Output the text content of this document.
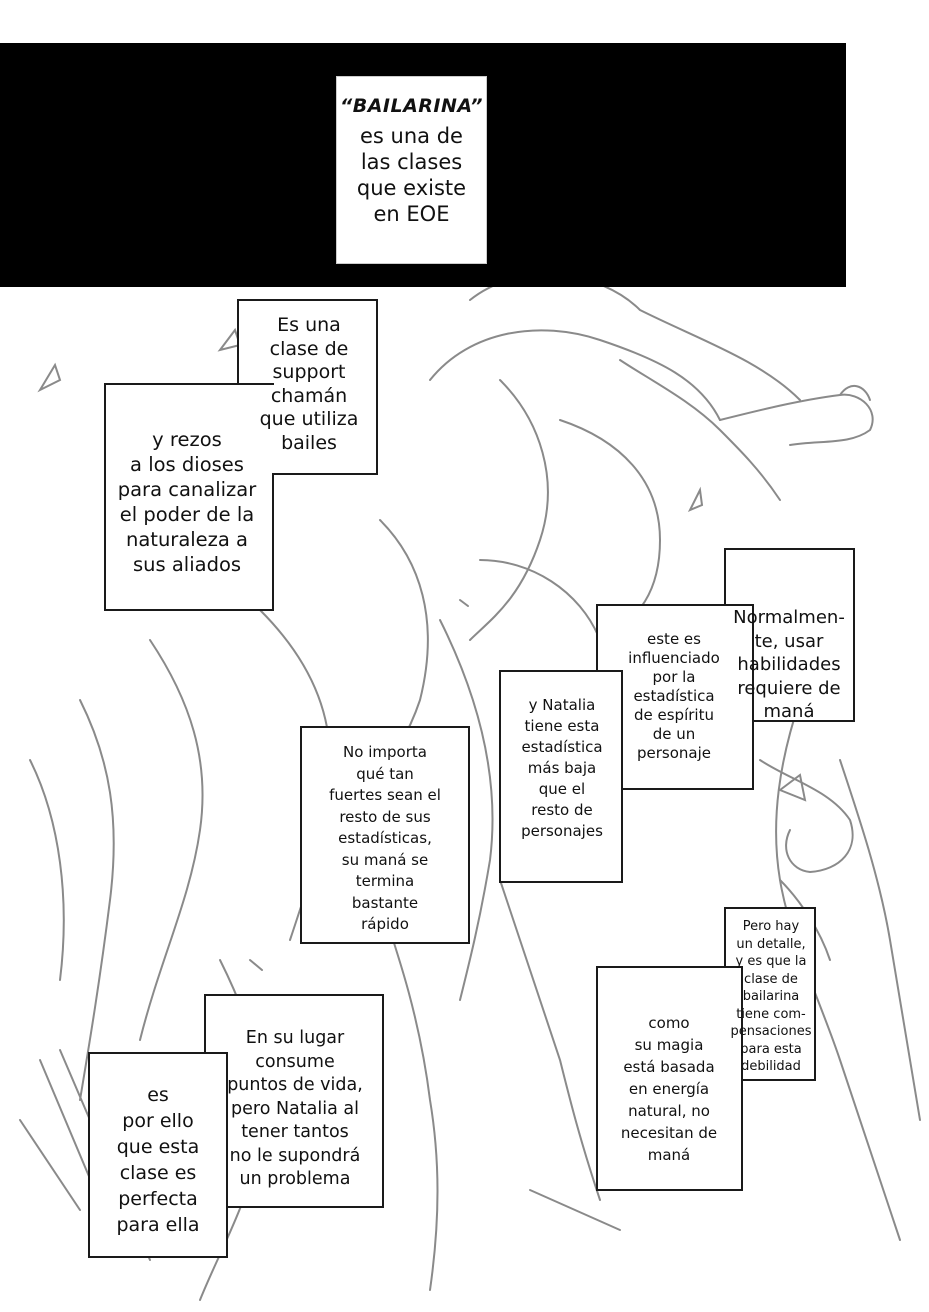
“BAILARINA”
es una de
las clases
que existe
en EOE
Es una
clase de
support
chamán
que utiliza
bailes
y rezos
a los dioses
para canalizar
el poder de la
naturaleza a
sus aliados
Normalmen-
te, usar
habilidades
requiere de
maná
este es
influenciado
por la
estadística
de espíritu
de un
personaje
y Natalia
tiene esta
estadística
más baja
que el
resto de
personajes
No importa
qué tan
fuertes sean el
resto de sus
estadísticas,
su maná se
termina
bastante
rápido	Pero hay
un detalle,
y es que la
clase de
bailarina
tiene com-
pensaciones
para esta
debilidad
como
su magia
está basada
en energía
natural, no
necesitan de
maná
En su lugar
consume
puntos de vida,
pero Natalia al
tener tantos
no le supondrá
un problema
es
por ello
que esta
clase es
perfecta
para ella
